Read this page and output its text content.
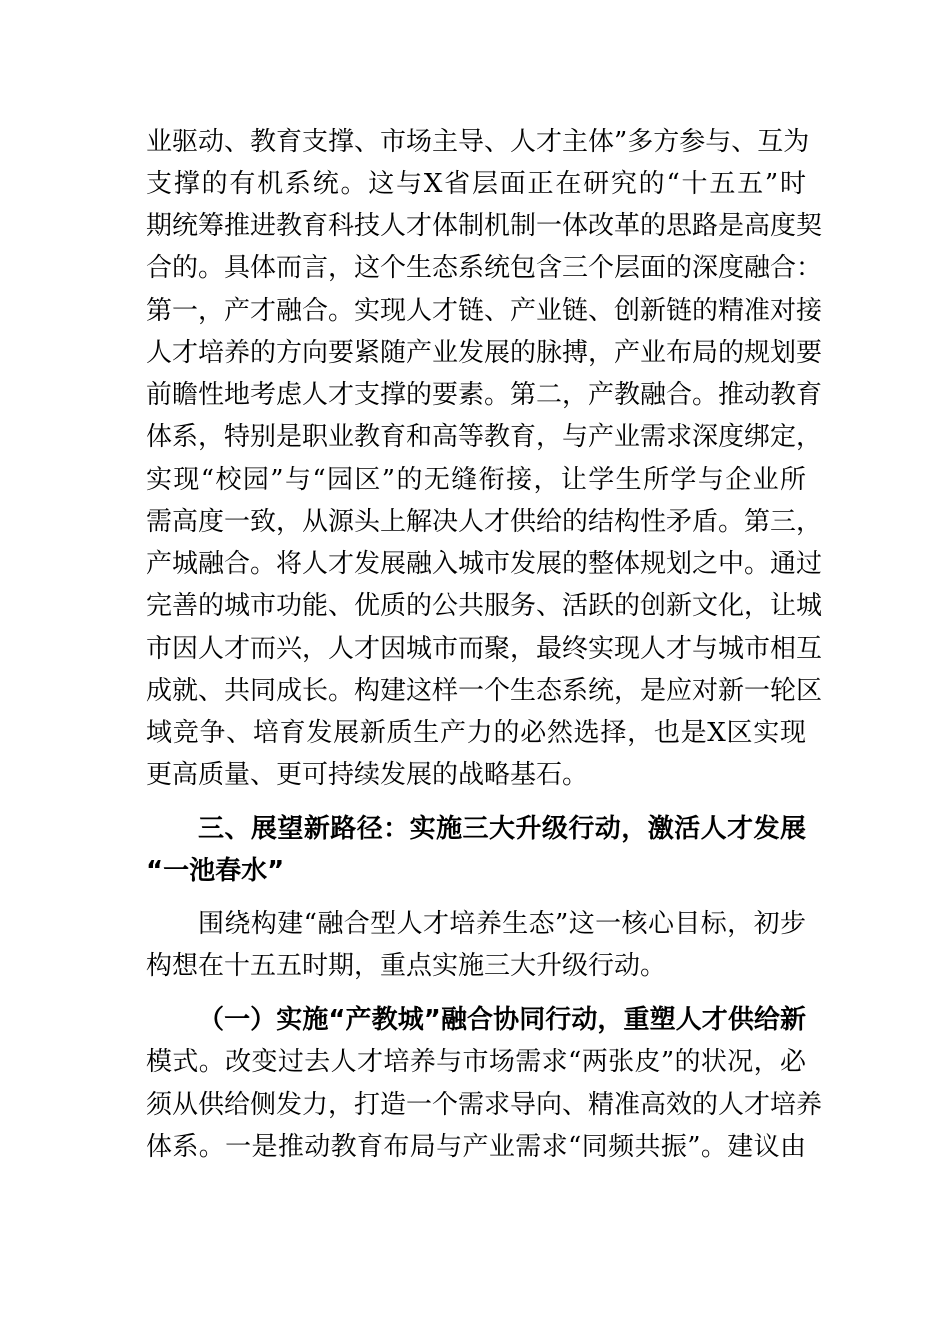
业驱动、教育支撑、市场主导、人才主体”多方参与、互为
支撑的有机系统。这与X省层面正在研究的“十五五”时
期统筹推进教育科技人才体制机制一体改革的思路是高度契
合的。具体而言，这个生态系统包含三个层面的深度融合：
第一，产才融合。实现人才链、产业链、创新链的精准对接
人才培养的方向要紧随产业发展的脉搏，产业布局的规划要
前瞻性地考虑人才支撑的要素。第二，产教融合。推动教育
体系，特别是职业教育和高等教育，与产业需求深度绑定，
实现“校园”与“园区”的无缝衔接，让学生所学与企业所
需高度一致，从源头上解决人才供给的结构性矛盾。第三，
产城融合。将人才发展融入城市发展的整体规划之中。通过
完善的城市功能、优质的公共服务、活跃的创新文化，让城
市因人才而兴，人才因城市而聚，最终实现人才与城市相互
成就、共同成长。构建这样一个生态系统，是应对新一轮区
域竞争、培育发展新质生产力的必然选择，也是X区实现
更高质量、更可持续发展的战略基石。
三、展望新路径：实施三大升级行动，激活人才发展
“一池春水”
围绕构建“融合型人才培养生态”这一核心目标，初步
构想在十五五时期，重点实施三大升级行动。
（一）实施“产教城”融合协同行动，重塑人才供给新
模式。改变过去人才培养与市场需求“两张皮”的状况，必
须从供给侧发力，打造一个需求导向、精准高效的人才培养
体系。一是推动教育布局与产业需求“同频共振”。建议由
